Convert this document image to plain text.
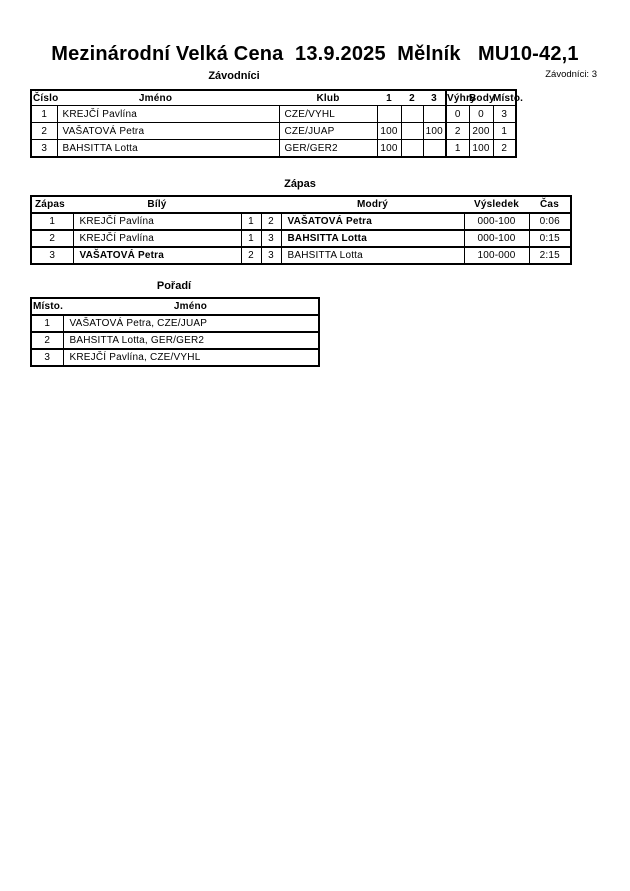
Mezinárodní Velká Cena  13.9.2025  Mělník   MU10-42,1
Závodníci	Závodníci: 3
Číslo Jméno		Klub	1	2	3	Výhry	Body	Místo.
1	KREJČÍ Pavlína	CZE/VYHL				0	0	3
2	VAŠATOVÁ Petra	CZE/JUAP	100		100	2	200	1
3	BAHSITTA Lotta	GER/GER2	100			1	100	2
Zápas
Zápas	Bílý			Modrý	Výsledek	Čas
1	KREJČÍ Pavlína	1	2	VAŠATOVÁ Petra	000-100	0:06
2	KREJČÍ Pavlína	1	3	BAHSITTA Lotta	000-100	0:15
3	VAŠATOVÁ Petra	2	3	BAHSITTA Lotta	100-000	2:15
Pořadí
Místo.	Jméno
1	VAŠATOVÁ Petra, CZE/JUAP
2	BAHSITTA Lotta, GER/GER2
3	KREJČÍ Pavlína, CZE/VYHL
